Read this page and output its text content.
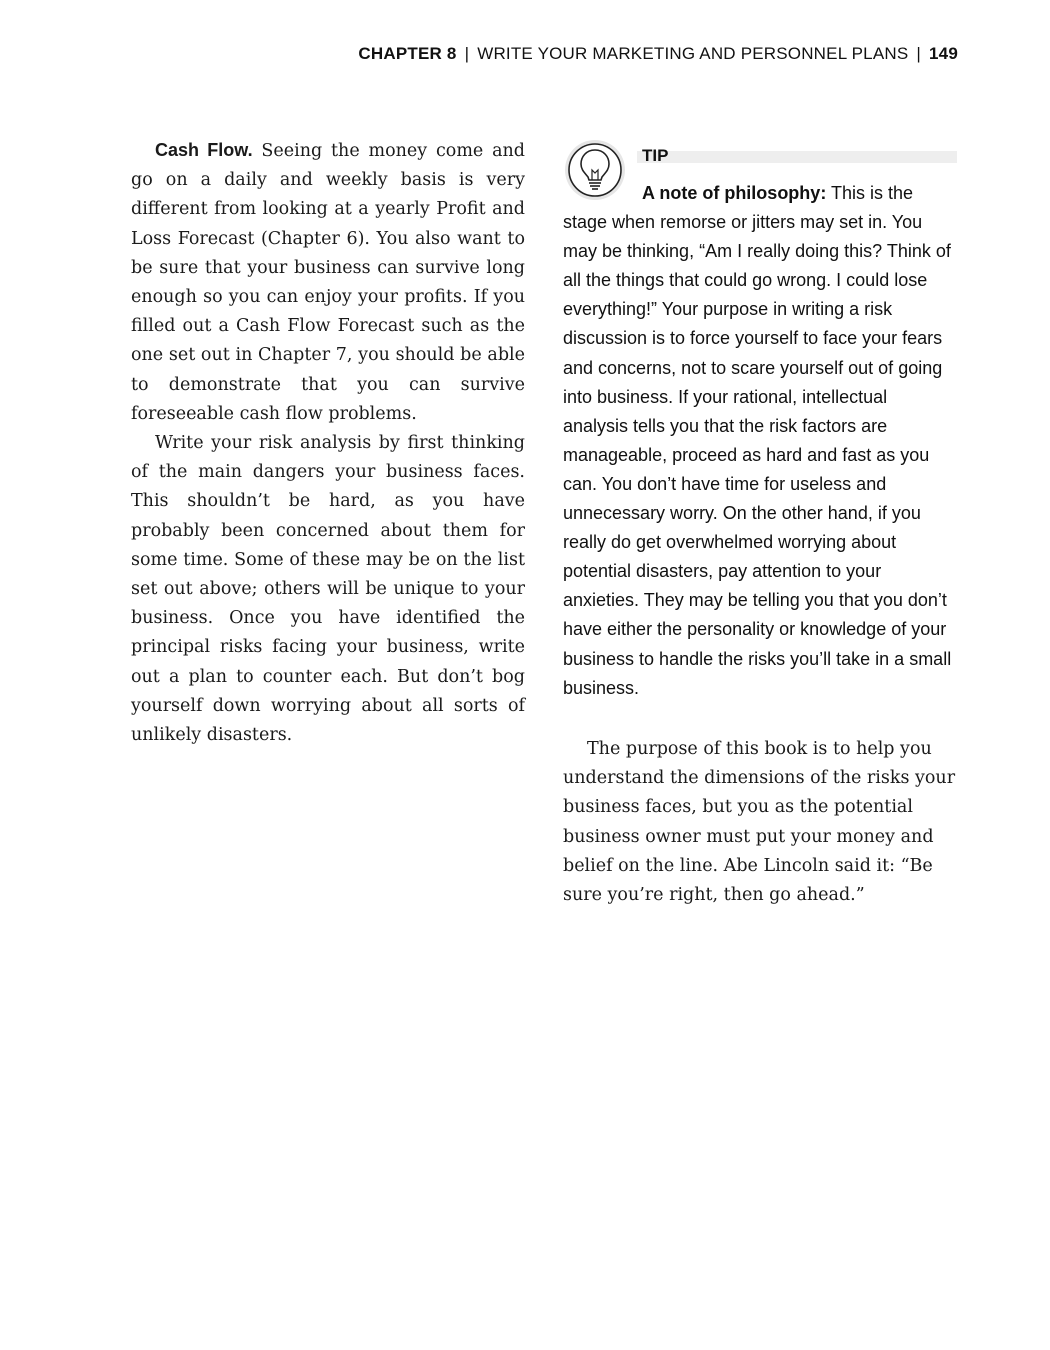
CHAPTER 8 | WRITE YOUR MARKETING AND PERSONNEL PLANS | 149

Cash Flow. Seeing the money come and go on a daily and weekly basis is very different from looking at a yearly Profit and Loss Forecast (Chapter 6). You also want to be sure that your business can survive long enough so you can enjoy your profits. If you filled out a Cash Flow Forecast such as the one set out in Chapter 7, you should be able to demonstrate that you can survive foreseeable cash flow problems.

Write your risk analysis by first thinking of the main dangers your business faces. This shouldn’t be hard, as you have probably been concerned about them for some time. Some of these may be on the list set out above; others will be unique to your business. Once you have identified the principal risks facing your business, write out a plan to counter each. But don’t bog yourself down worrying about all sorts of unlikely disasters.

TIP
A note of philosophy: This is the
stage when remorse or jitters may set in. You may be thinking, “Am I really doing this? Think of all the things that could go wrong. I could lose everything!” Your purpose in writing a risk discussion is to force yourself to face your fears and concerns, not to scare yourself out of going into business. If your rational, intellectual analysis tells you that the risk factors are manageable, proceed as hard and fast as you can. You don’t have time for useless and unnecessary worry. On the other hand, if you really do get overwhelmed worrying about potential disasters, pay attention to your anxieties. They may be telling you that you don’t have either the personality or knowledge of your business to handle the risks you’ll take in a small business.

The purpose of this book is to help you understand the dimensions of the risks your business faces, but you as the potential business owner must put your money and belief on the line. Abe Lincoln said it: “Be sure you’re right, then go ahead.”
